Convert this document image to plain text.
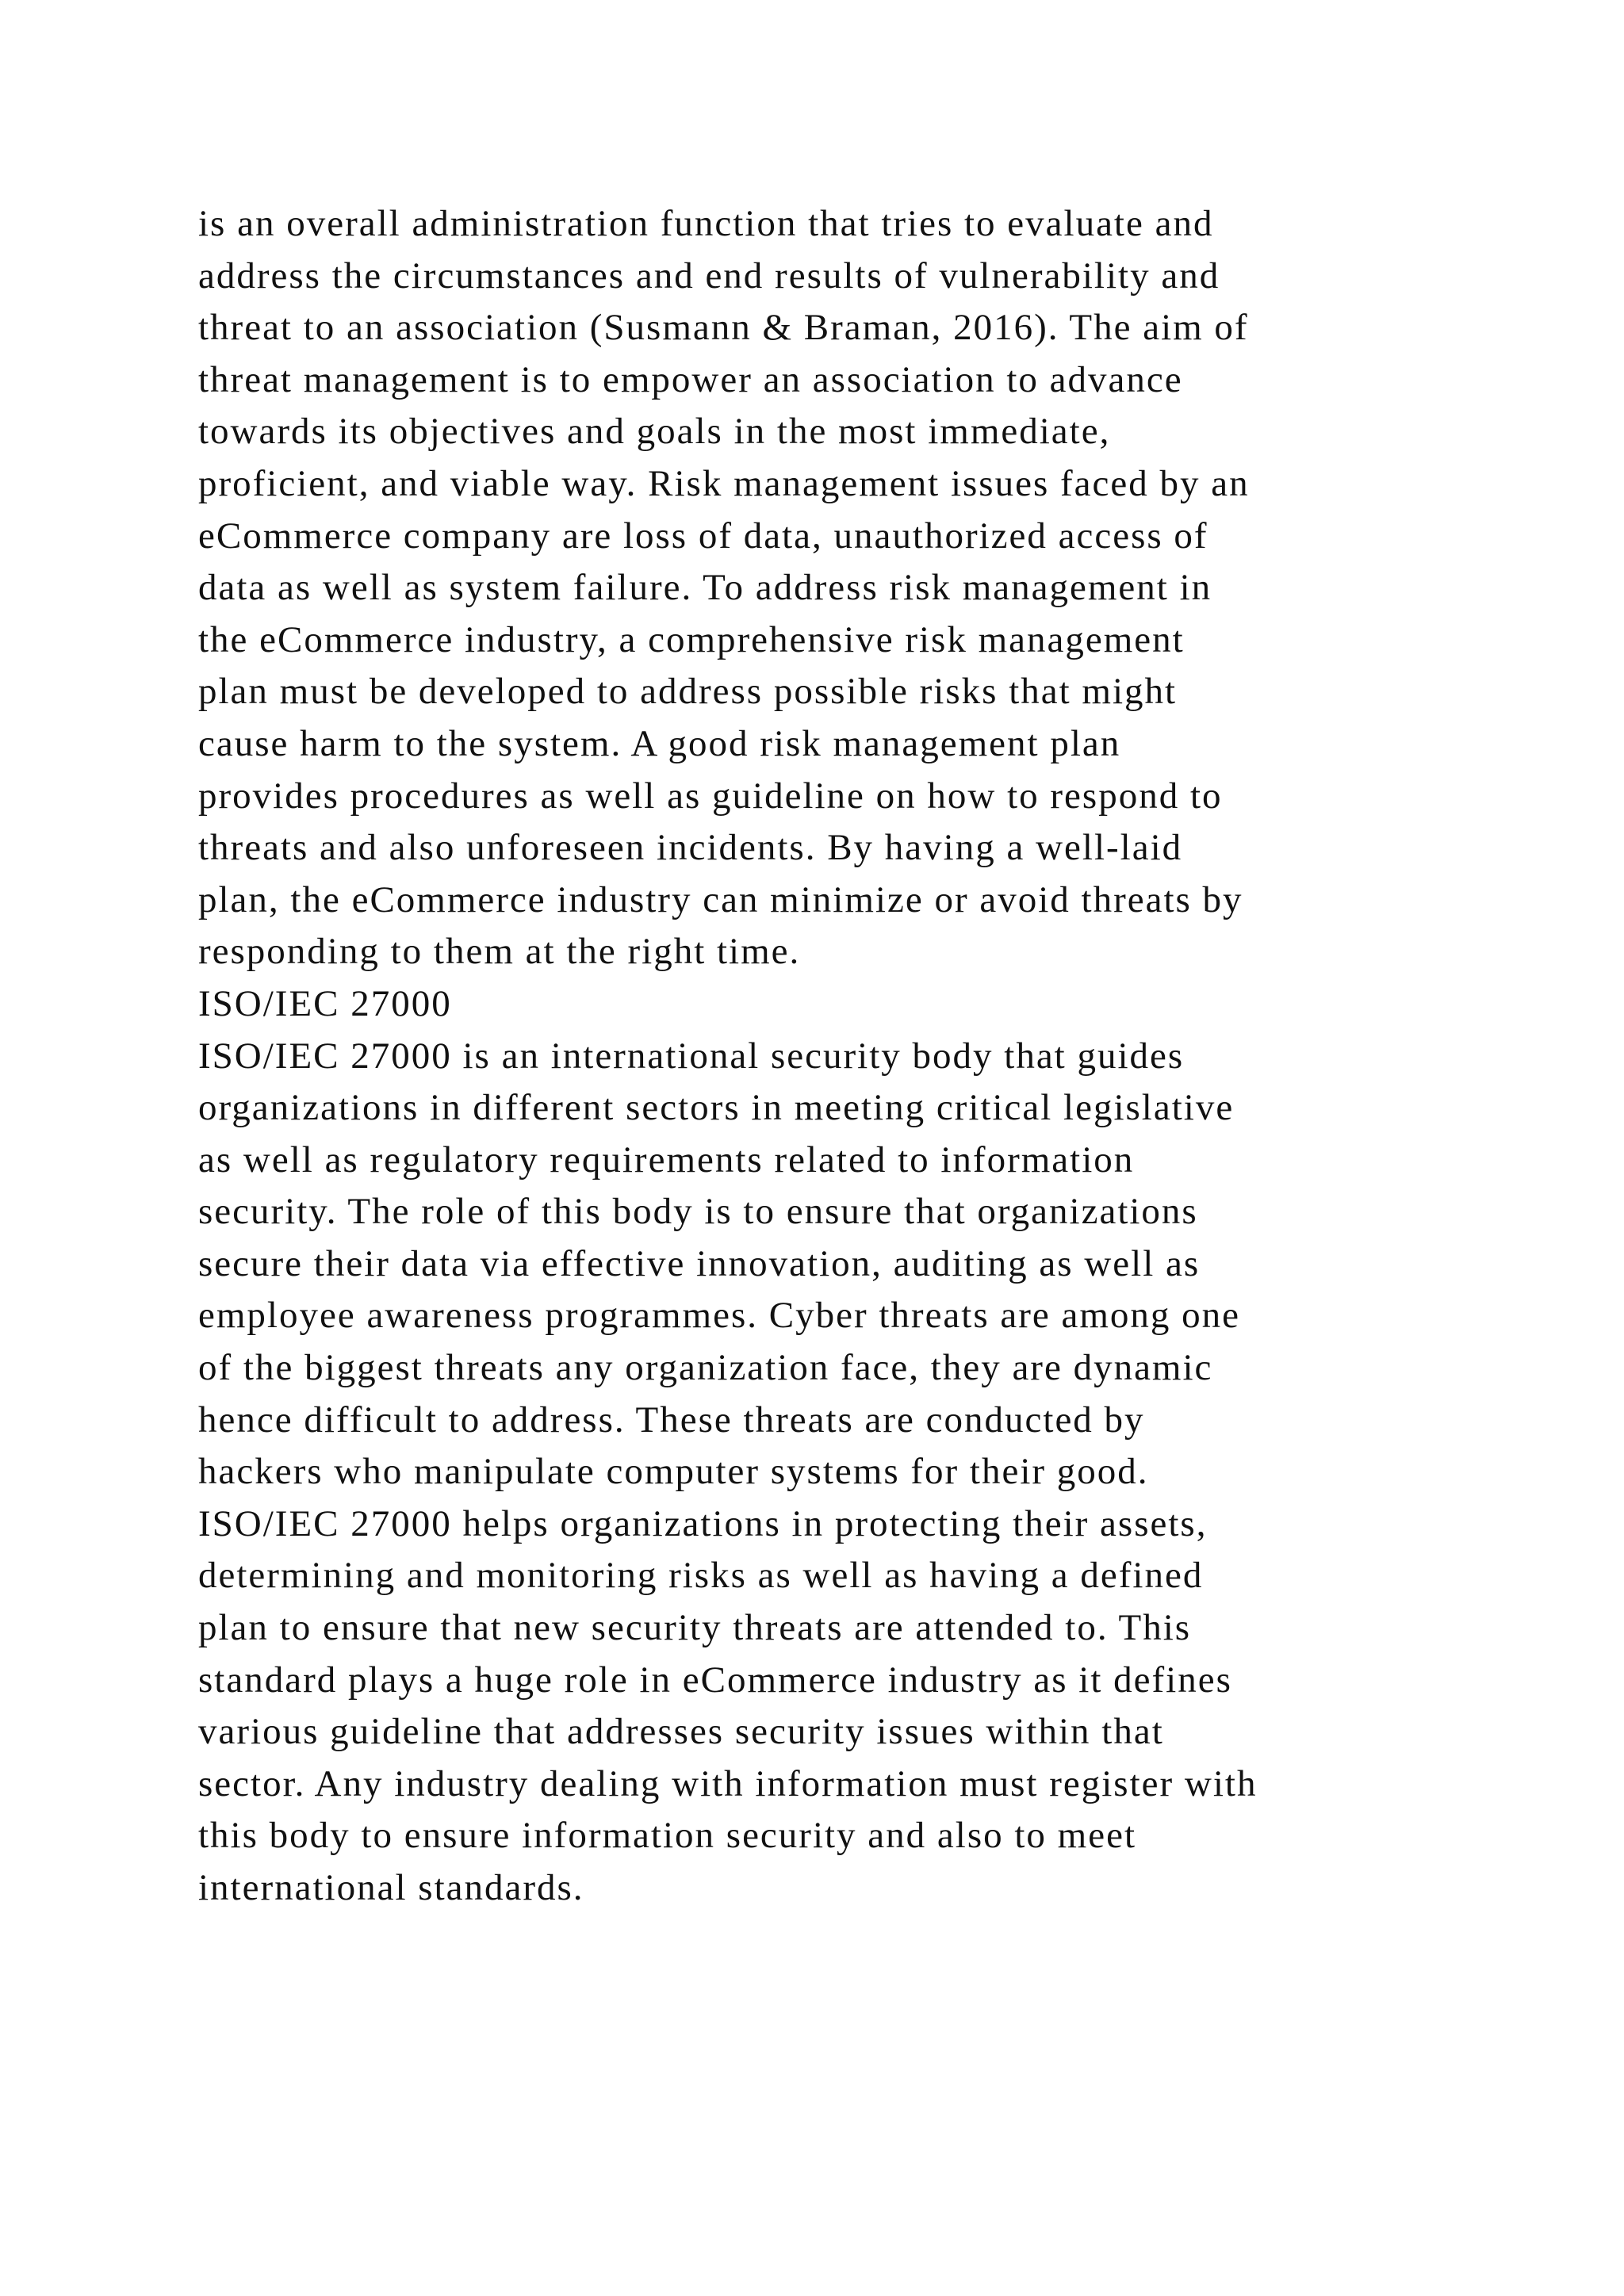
is an overall administration function that tries to evaluate and
address the circumstances and end results of vulnerability and
threat to an association (Susmann & Braman, 2016). The aim of
threat management is to empower an association to advance
towards its objectives and goals in the most immediate,
proficient, and viable way. Risk management issues faced by an
eCommerce company are loss of data, unauthorized access of
data as well as system failure. To address risk management in
the eCommerce industry, a comprehensive risk management
plan must be developed to address possible risks that might
cause harm to the system. A good risk management plan
provides procedures as well as guideline on how to respond to
threats and also unforeseen incidents. By having a well-laid
plan, the eCommerce industry can minimize or avoid threats by
responding to them at the right time.
ISO/IEC 27000
ISO/IEC 27000 is an international security body that guides
organizations in different sectors in meeting critical legislative
as well as regulatory requirements related to information
security. The role of this body is to ensure that organizations
secure their data via effective innovation, auditing as well as
employee awareness programmes. Cyber threats are among one
of the biggest threats any organization face, they are dynamic
hence difficult to address. These threats are conducted by
hackers who manipulate computer systems for their good.
ISO/IEC 27000 helps organizations in protecting their assets,
determining and monitoring risks as well as having a defined
plan to ensure that new security threats are attended to. This
standard plays a huge role in eCommerce industry as it defines
various guideline that addresses security issues within that
sector. Any industry dealing with information must register with
this body to ensure information security and also to meet
international standards.
